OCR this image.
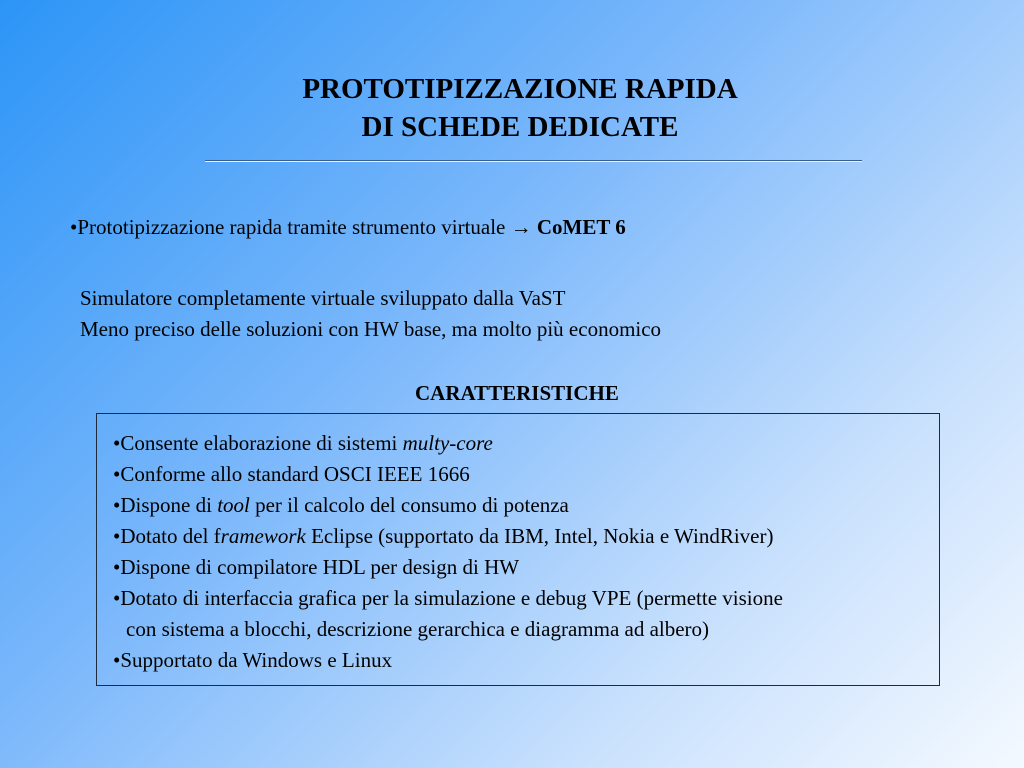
PROTOTIPIZZAZIONE RAPIDA
DI SCHEDE DEDICATE
•Prototipizzazione rapida tramite strumento virtuale → CoMET 6
Simulatore completamente virtuale sviluppato dalla VaST
Meno preciso delle soluzioni con HW base, ma molto più economico
CARATTERISTICHE
•Consente elaborazione di sistemi multy-core
•Conforme allo standard OSCI IEEE 1666
•Dispone di tool per il calcolo del consumo di potenza
•Dotato del framework Eclipse (supportato da IBM, Intel, Nokia e WindRiver)
•Dispone di compilatore HDL per design di HW
•Dotato di interfaccia grafica per la simulazione e debug VPE (permette visione
con sistema a blocchi, descrizione gerarchica e diagramma ad albero)
•Supportato da Windows e Linux
